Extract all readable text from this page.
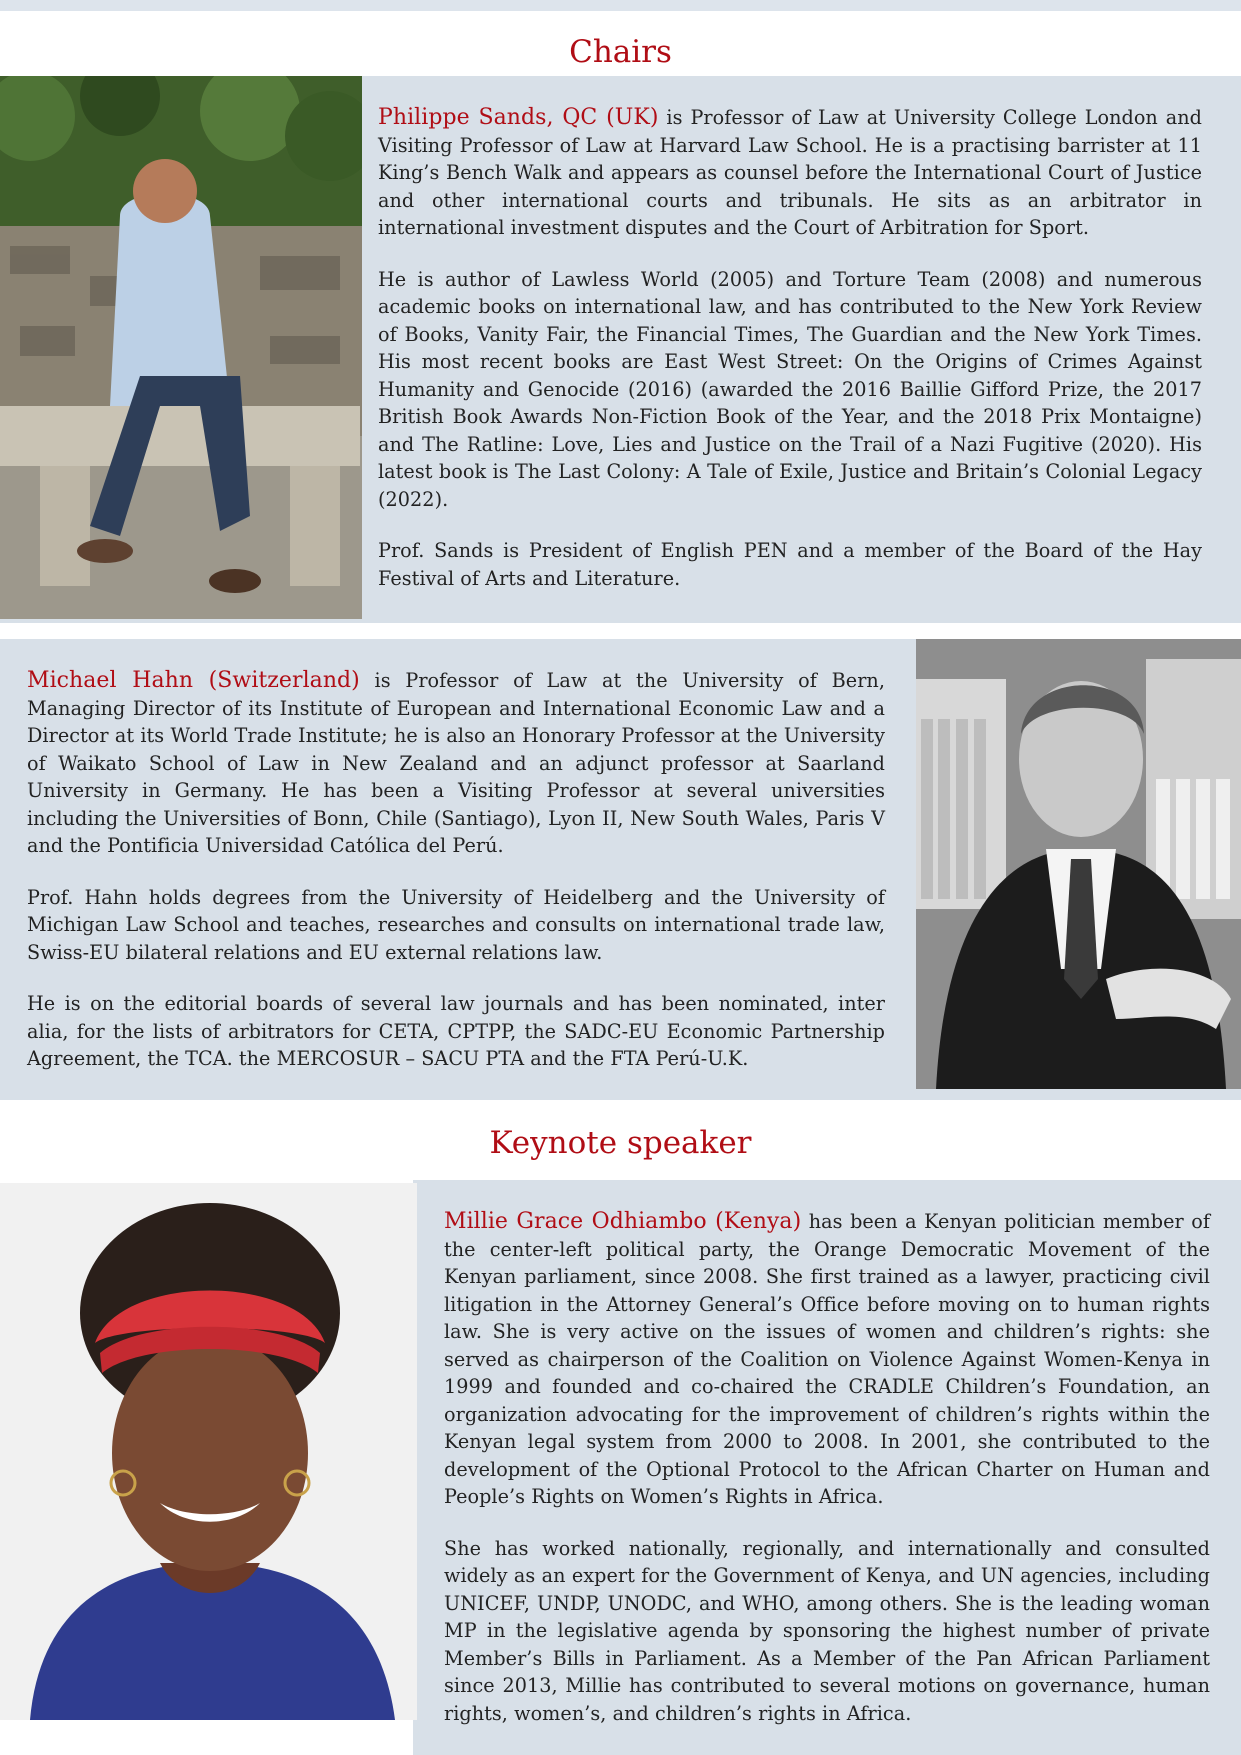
Chairs

Philippe Sands, QC (UK) is Professor of Law at University College London and Visiting Professor of Law at Harvard Law School. He is a practising barrister at 11 King’s Bench Walk and appears as counsel before the International Court of Justice and other international courts and tribunals. He sits as an arbitrator in international investment disputes and the Court of Arbitration for Sport.

He is author of Lawless World (2005) and Torture Team (2008) and numerous academic books on international law, and has contributed to the New York Review of Books, Vanity Fair, the Financial Times, The Guardian and the New York Times. His most recent books are East West Street: On the Origins of Crimes Against Humanity and Genocide (2016) (awarded the 2016 Baillie Gifford Prize, the 2017 British Book Awards Non-Fiction Book of the Year, and the 2018 Prix Montaigne) and The Ratline: Love, Lies and Justice on the Trail of a Nazi Fugitive (2020). His latest book is The Last Colony: A Tale of Exile, Justice and Britain’s Colonial Legacy (2022).

Prof. Sands is President of English PEN and a member of the Board of the Hay Festival of Arts and Literature.

Michael Hahn (Switzerland) is Professor of Law at the University of Bern, Managing Director of its Institute of European and International Economic Law and a Director at its World Trade Institute; he is also an Honorary Professor at the University of Waikato School of Law in New Zealand and an adjunct professor at Saarland University in Germany. He has been a Visiting Professor at several universities including the Universities of Bonn, Chile (Santiago), Lyon II, New South Wales, Paris V and the Pontificia Universidad Católica del Perú.

Prof. Hahn holds degrees from the University of Heidelberg and the University of Michigan Law School and teaches, researches and consults on international trade law, Swiss-EU bilateral relations and EU external relations law.

He is on the editorial boards of several law journals and has been nominated, inter alia, for the lists of arbitrators for CETA, CPTPP, the SADC-EU Economic Partnership Agreement, the TCA. the MERCOSUR – SACU PTA and the FTA Perú-U.K.

Keynote speaker

Millie Grace Odhiambo (Kenya) has been a Kenyan politician member of the center-left political party, the Orange Democratic Movement of the Kenyan parliament, since 2008. She first trained as a lawyer, practicing civil litigation in the Attorney General’s Office before moving on to human rights law. She is very active on the issues of women and children’s rights: she served as chairperson of the Coalition on Violence Against Women-Kenya in 1999 and founded and co-chaired the CRADLE Children’s Foundation, an organization advocating for the improvement of children’s rights within the Kenyan legal system from 2000 to 2008. In 2001, she contributed to the development of the Optional Protocol to the African Charter on Human and People’s Rights on Women’s Rights in Africa.

She has worked nationally, regionally, and internationally and consulted widely as an expert for the Government of Kenya, and UN agencies, including UNICEF, UNDP, UNODC, and WHO, among others. She is the leading woman MP in the legislative agenda by sponsoring the highest number of private Member’s Bills in Parliament. As a Member of the Pan African Parliament since 2013, Millie has contributed to several motions on governance, human rights, women’s, and children’s rights in Africa.
